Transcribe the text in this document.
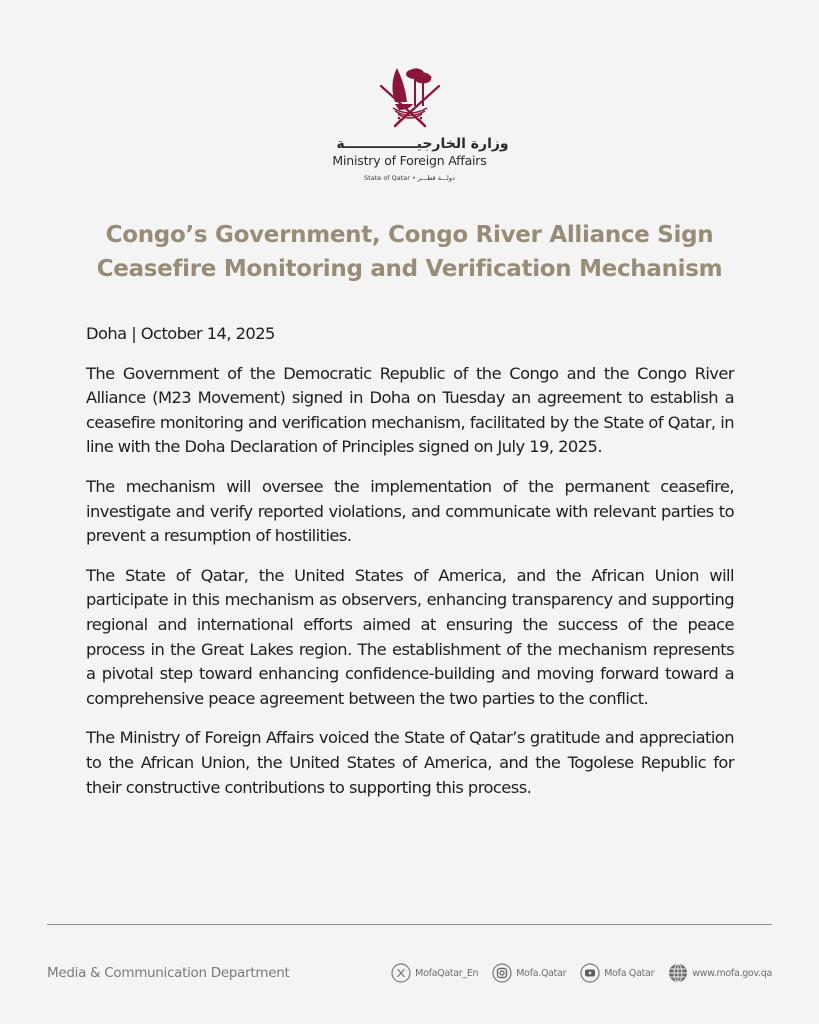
وزارة الخارجيـــــــــــــــة
Ministry of Foreign Affairs
State of Qatar • دولـــة قطـــر
Congo’s Government, Congo River Alliance Sign
Ceasefire Monitoring and Verification Mechanism

Doha | October 14, 2025

The Government of the Democratic Republic of the Congo and the Congo River Alliance (M23 Movement) signed in Doha on Tuesday an agreement to establish a ceasefire monitoring and verification mechanism, facilitated by the State of Qatar, in line with the Doha Declaration of Principles signed on July 19, 2025.

The mechanism will oversee the implementation of the permanent ceasefire, investigate and verify reported violations, and communicate with relevant parties to prevent a resumption of hostilities.

The State of Qatar, the United States of America, and the African Union will participate in this mechanism as observers, enhancing transparency and supporting regional and international efforts aimed at ensuring the success of the peace process in the Great Lakes region. The establishment of the mechanism represents a pivotal step toward enhancing confidence-building and moving forward toward a comprehensive peace agreement between the two parties to the conflict.

The Ministry of Foreign Affairs voiced the State of Qatar’s gratitude and appreciation to the African Union, the United States of America, and the Togolese Republic for their constructive contributions to supporting this process.

Media & Communication Department	MofaQatar_En	Mofa.Qatar	Mofa Qatar	www.mofa.gov.qa
